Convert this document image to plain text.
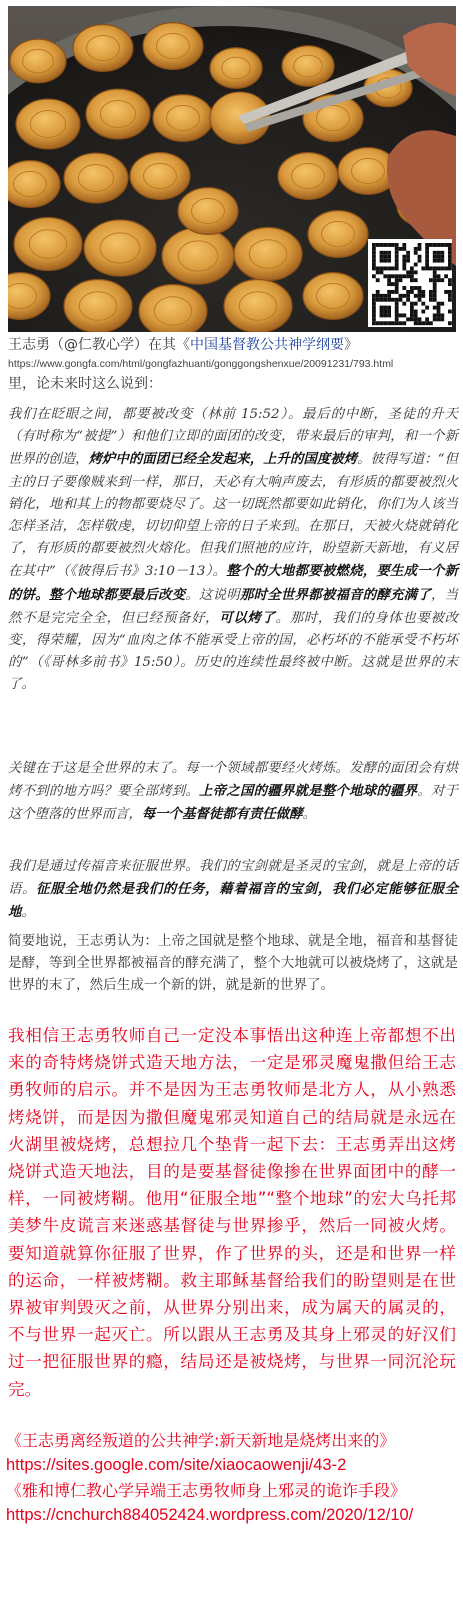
王志勇（@仁教心学）在其《中国基督教公共神学纲要》
https://www.gongfa.com/html/gongfazhuanti/gonggongshenxue/20091231/793.html
里，论未来时这么说到：
我们在眨眼之间，都要被改变（林前 15:52）。最后的中断，圣徒的升天（有时称为“被提”）和他们立即的面团的改变，带来最后的审判，和一个新世界的创造，烤炉中的面团已经全发起来，上升的国度被烤。彼得写道：“但主的日子要像贼来到一样，那日，天必有大响声废去，有形质的都要被烈火销化，地和其上的物都要烧尽了。这一切既然都要如此销化，你们为人该当怎样圣洁，怎样敬虔，切切仰望上帝的日子来到。在那日，天被火烧就销化了，有形质的都要被烈火熔化。但我们照祂的应许，盼望新天新地，有义居在其中”（《彼得后书》3:10－13）。整个的大地都要被燃烧，要生成一个新的饼。整个地球都要最后改变。这说明那时全世界都被福音的酵充满了，当然不是完完全全，但已经预备好，可以烤了。那时，我们的身体也要被改变，得荣耀，因为“血肉之体不能承受上帝的国，必朽坏的不能承受不朽坏的”（《哥林多前书》15:50）。历史的连续性最终被中断。这就是世界的末了。
关键在于这是全世界的末了。每一个领域都要经火烤炼。发酵的面团会有烘烤不到的地方吗？要全部烤到。上帝之国的疆界就是整个地球的疆界。对于这个堕落的世界而言，每一个基督徒都有责任做酵。
我们是通过传福音来征服世界。我们的宝剑就是圣灵的宝剑，就是上帝的话语。征服全地仍然是我们的任务，藉着福音的宝剑，我们必定能够征服全地。
简要地说，王志勇认为：上帝之国就是整个地球、就是全地，福音和基督徒是酵，等到全世界都被福音的酵充满了，整个大地就可以被烧烤了，这就是世界的末了，然后生成一个新的饼，就是新的世界了。
我相信王志勇牧师自己一定没本事悟出这种连上帝都想不出来的奇特烤烧饼式造天地方法，一定是邪灵魔鬼撒但给王志勇牧师的启示。并不是因为王志勇牧师是北方人，从小熟悉烤烧饼，而是因为撒但魔鬼邪灵知道自己的结局就是永远在火湖里被烧烤，总想拉几个垫背一起下去：王志勇弄出这烤烧饼式造天地法，目的是要基督徒像掺在世界面团中的酵一样，一同被烤糊。他用“征服全地”“整个地球”的宏大乌托邦美梦牛皮谎言来迷惑基督徒与世界掺乎，然后一同被火烤。要知道就算你征服了世界，作了世界的头，还是和世界一样的运命，一样被烤糊。救主耶稣基督给我们的盼望则是在世界被审判毁灭之前，从世界分别出来，成为属天的属灵的，不与世界一起灭亡。所以跟从王志勇及其身上邪灵的好汉们过一把征服世界的瘾，结局还是被烧烤，与世界一同沉沦玩完。
《王志勇离经叛道的公共神学:新天新地是烧烤出来的》
https://sites.google.com/site/xiaocaowenji/43-2
《雅和博仁教心学异端王志勇牧师身上邪灵的诡诈手段》
https://cnchurch884052424.wordpress.com/2020/12/10/
